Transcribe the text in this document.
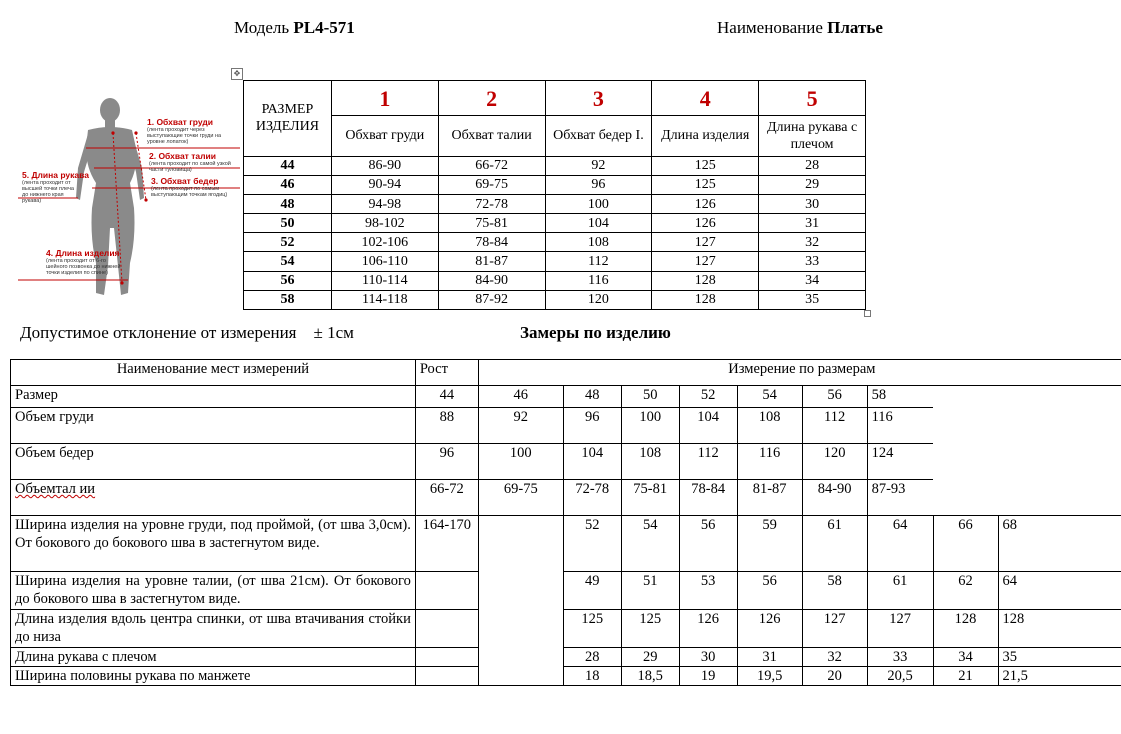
Модель PL4-571	Наименование Платье
✥
1. Обхват груди
(лента проходит через выступающие точки груди на уровне лопаток)
2. Обхват талии
(лента проходит по самой узкой части туловища)
3. Обхват бедер
(лента проходит по самым выступающим точкам ягодиц)
5. Длина рукава
(лента проходит от высшей точки плеча до нижнего края рукава)
4. Длина изделия
(лента проходит от 6-го шейного позвонка до нижней точки изделия по спине)
РАЗМЕР ИЗДЕЛИЯ	1	2	3	4	5
	Обхват груди	Обхват талии	Обхват бедер I.	Длина изделия	Длина рукава с плечом
44	86-90	66-72	92	125	28
46	90-94	69-75	96	125	29
48	94-98	72-78	100	126	30
50	98-102	75-81	104	126	31
52	102-106	78-84	108	127	32
54	106-110	81-87	112	127	33
56	110-114	84-90	116	128	34
58	114-118	87-92	120	128	35
Допустимое отклонение от измерения ± 1см	Замеры по изделию
Наименование мест измерений	Рост	Измерение по размерам								
Размер	44	46	48	50	52	54	56	58		
Объем груди	88	92	96	100	104	108	112	116		
Объем бедер	96	100	104	108	112	116	120	124		
Объемтал ии	66-72	69-75	72-78	75-81	78-84	81-87	84-90	87-93		
Ширина изделия на уровне груди, под проймой, (от шва 3,0см). От бокового до бокового шва в застегнутом виде.	164-170		52	54	56	59	61	64	66	68
Ширина изделия на уровне талии, (от шва 21см). От бокового до бокового шва в застегнутом виде.			49	51	53	56	58	61	62	64
Длина изделия вдоль центра спинки, от шва втачивания стойки до низа			125	125	126	126	127	127	128	128
Длина рукава с плечом			28	29	30	31	32	33	34	35
Ширина половины рукава по манжете			18	18,5	19	19,5	20	20,5	21	21,5
